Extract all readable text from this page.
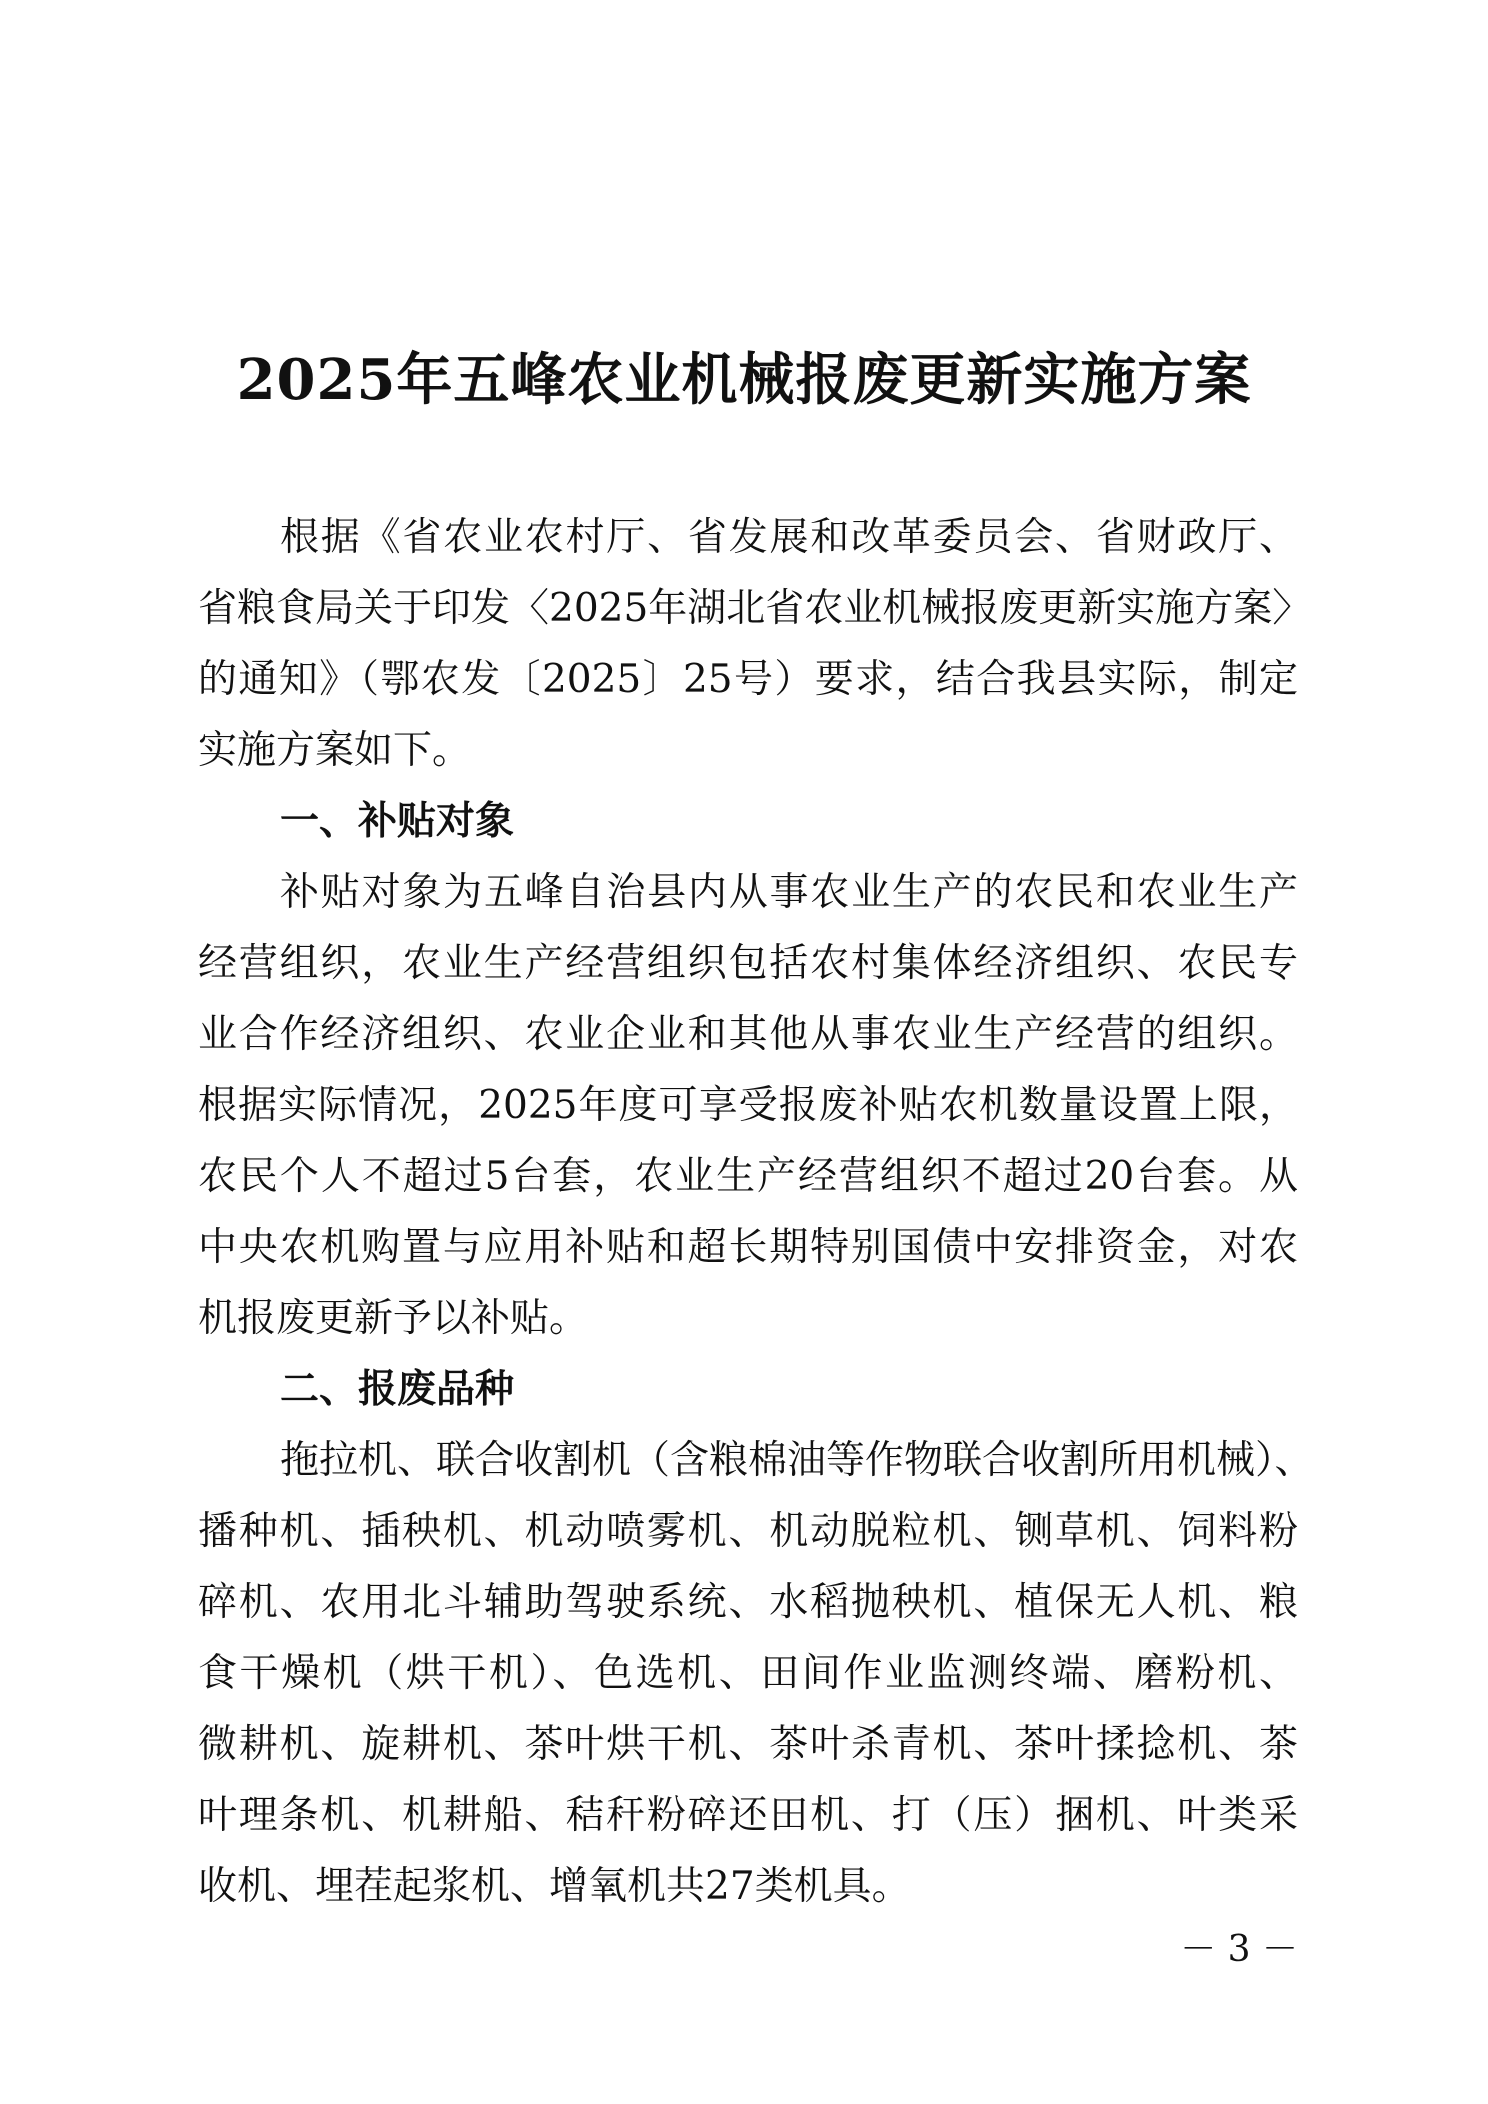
2025年五峰农业机械报废更新实施方案
根据《省农业农村厅、省发展和改革委员会、省财政厅、
省粮食局关于印发〈2025年湖北省农业机械报废更新实施方案〉
的通知》（鄂农发〔2025〕25号）要求，结合我县实际，制定
实施方案如下。
一、补贴对象
补贴对象为五峰自治县内从事农业生产的农民和农业生产
经营组织，农业生产经营组织包括农村集体经济组织、农民专
业合作经济组织、农业企业和其他从事农业生产经营的组织。
根据实际情况，2025年度可享受报废补贴农机数量设置上限，
农民个人不超过5台套，农业生产经营组织不超过20台套。从
中央农机购置与应用补贴和超长期特别国债中安排资金，对农
机报废更新予以补贴。
二、报废品种
拖拉机、联合收割机（含粮棉油等作物联合收割所用机械）、
播种机、插秧机、机动喷雾机、机动脱粒机、铡草机、饲料粉
碎机、农用北斗辅助驾驶系统、水稻抛秧机、植保无人机、粮
食干燥机（烘干机）、色选机、田间作业监测终端、磨粉机、
微耕机、旋耕机、茶叶烘干机、茶叶杀青机、茶叶揉捻机、茶
叶理条机、机耕船、秸秆粉碎还田机、打（压）捆机、叶类采
收机、埋茬起浆机、增氧机共27类机具。
－ 3 －
